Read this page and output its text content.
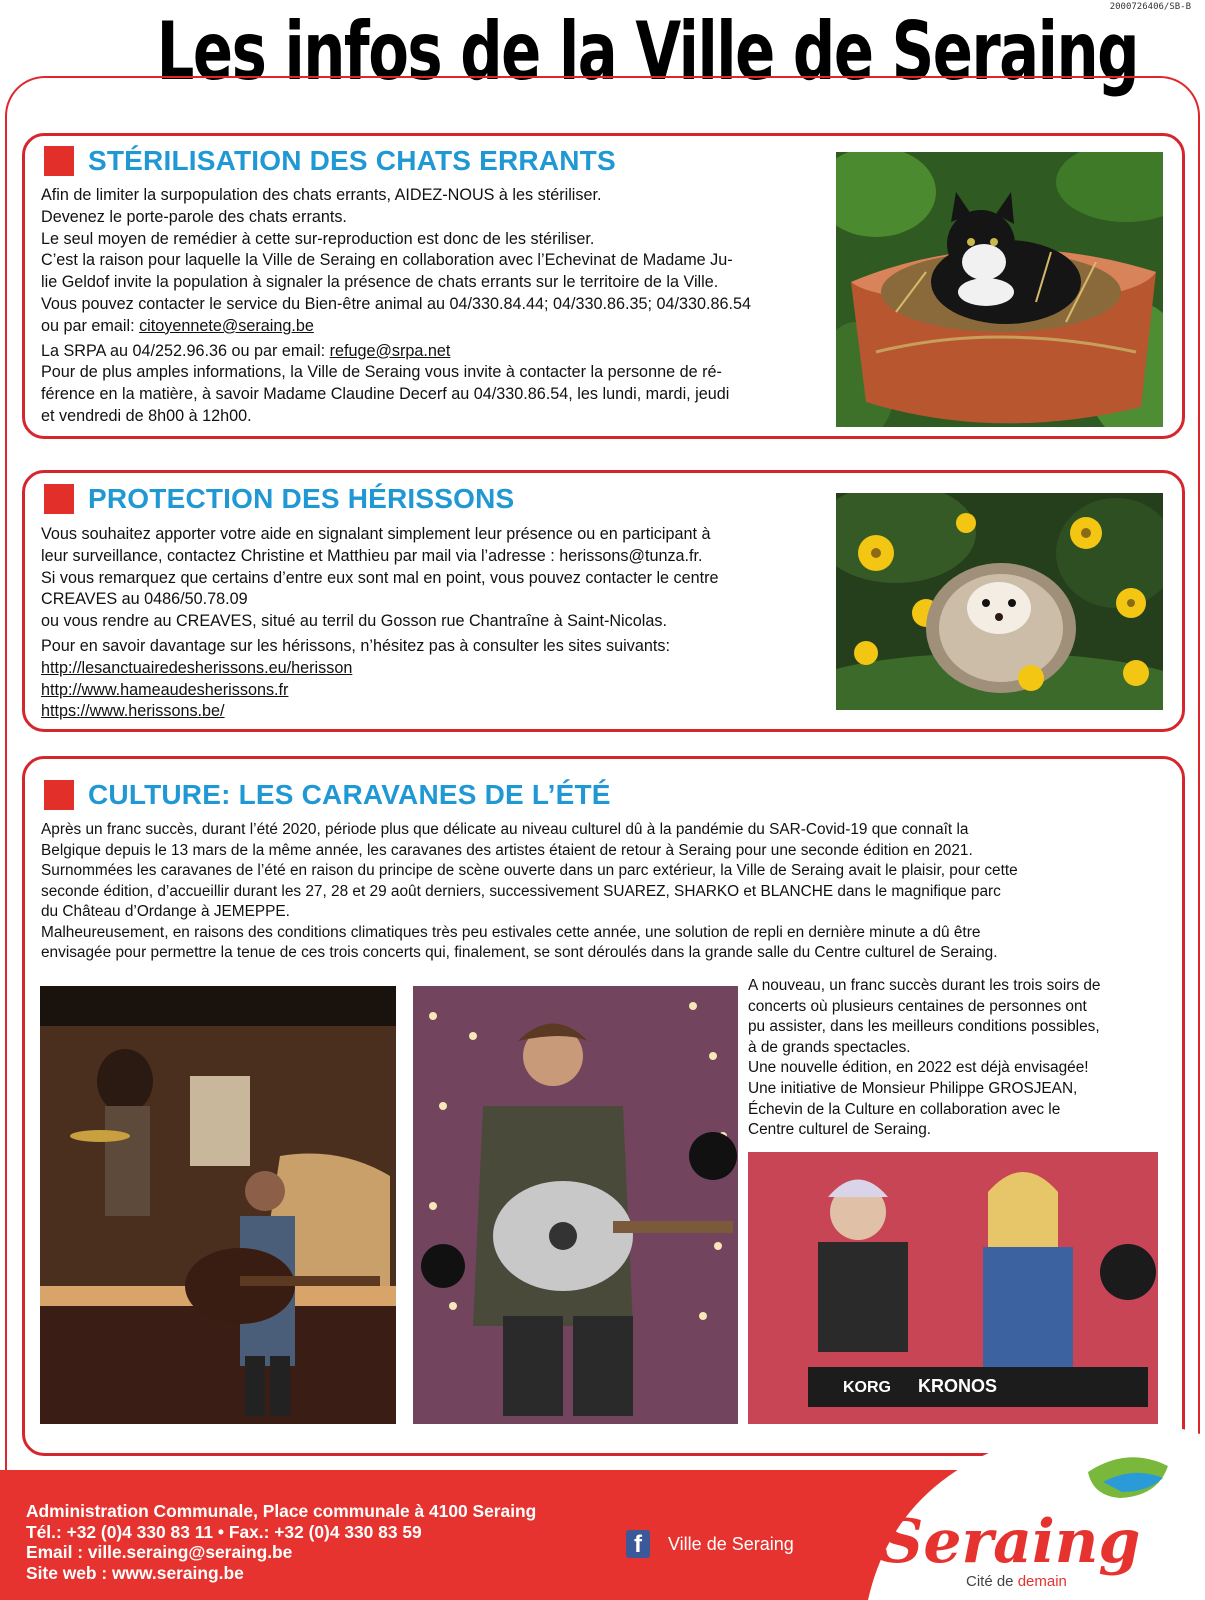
2000726406/SB-B
Les infos de la Ville de Seraing
STÉRILISATION DES CHATS ERRANTS

Afin de limiter la surpopulation des chats errants, AIDEZ-NOUS à les stériliser.

Devenez le porte-parole des chats errants.

Le seul moyen de remédier à cette sur-reproduction est donc de les stériliser.

C’est la raison pour laquelle la Ville de Seraing en collaboration avec l’Echevinat de Madame Ju-

lie Geldof invite la population à signaler la présence de chats errants sur le territoire de la Ville.

Vous pouvez contacter le service du Bien-être animal au 04/330.84.44; 04/330.86.35; 04/330.86.54

ou par email: citoyennete@seraing.be

La SRPA au 04/252.96.36 ou par email: refuge@srpa.net

Pour de plus amples informations, la Ville de Seraing vous invite à contacter la personne de ré-

férence en la matière, à savoir Madame Claudine Decerf au 04/330.86.54, les lundi, mardi, jeudi

et vendredi de 8h00 à 12h00.

PROTECTION DES HÉRISSONS

Vous souhaitez apporter votre aide en signalant simplement leur présence ou en participant à

leur surveillance, contactez Christine et Matthieu par mail via l’adresse : herissons@tunza.fr.

Si vous remarquez que certains d’entre eux sont mal en point, vous pouvez contacter le centre

CREAVES au 0486/50.78.09

ou vous rendre au CREAVES, situé au terril du Gosson rue Chantraîne à Saint-Nicolas.

Pour en savoir davantage sur les hérissons, n’hésitez pas à consulter les sites suivants:

http://lesanctuairedesherissons.eu/herisson

http://www.hameaudesherissons.fr

https://www.herissons.be/

CULTURE: LES CARAVANES DE L’ÉTÉ

Après un franc succès, durant l’été 2020, période plus que délicate au niveau culturel dû à la pandémie du SAR-Covid-19 que connaît la

Belgique depuis le 13 mars de la même année, les caravanes des artistes étaient de retour à Seraing pour une seconde édition en 2021.

Surnommées les caravanes de l’été en raison du principe de scène ouverte dans un parc extérieur, la Ville de Seraing avait le plaisir, pour cette

seconde édition, d’accueillir durant les 27, 28 et 29 août derniers, successivement SUAREZ, SHARKO et BLANCHE dans le magnifique parc

du Château d’Ordange à JEMEPPE.

Malheureusement, en raisons des conditions climatiques très peu estivales cette année, une solution de repli en dernière minute a dû être

envisagée pour permettre la tenue de ces trois concerts qui, finalement, se sont déroulés dans la grande salle du Centre culturel de Seraing.

A nouveau, un franc succès durant les trois soirs de

concerts où plusieurs centaines de personnes ont

pu assister, dans les meilleurs conditions possibles,

à de grands spectacles.

Une nouvelle édition, en 2022 est déjà envisagée!

Une initiative de Monsieur Philippe GROSJEAN,

Échevin de la Culture en collaboration avec le

Centre culturel de Seraing.

KORG KRONOS

Administration Communale, Place communale à 4100 Seraing

Tél.: +32 (0)4 330 83 11 • Fax.: +32 (0)4 330 83 59

Email : ville.seraing@seraing.be

Site web : www.seraing.be

f	Ville de Seraing Seraing
Cité de demain
